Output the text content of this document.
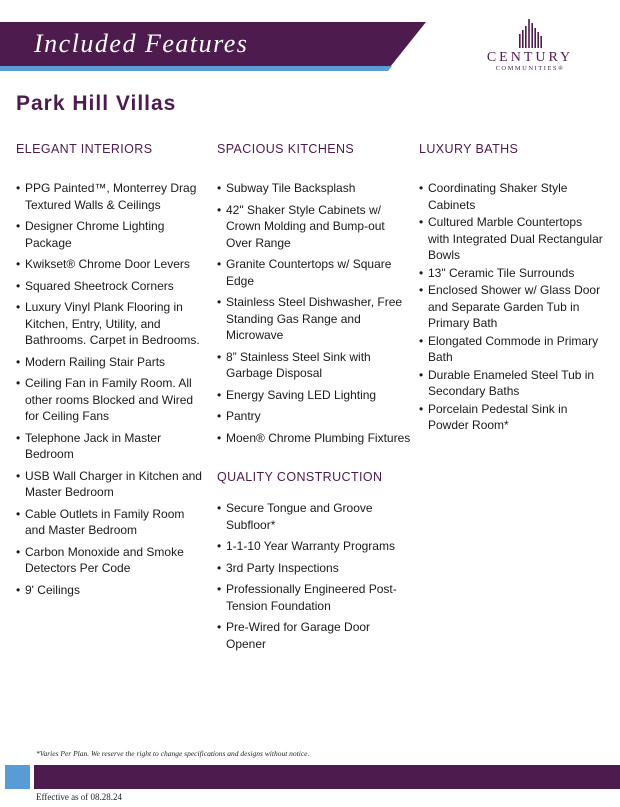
Included Features	CENTURY
COMMUNITIES®
Park Hill Villas
ELEGANT INTERIORS
• PPG Painted™, Monterrey Drag Textured Walls & Ceilings
• Designer Chrome Lighting Package
• Kwikset® Chrome Door Levers
• Squared Sheetrock Corners
• Luxury Vinyl Plank Flooring in Kitchen, Entry, Utility, and Bathrooms. Carpet in Bedrooms.
• Modern Railing Stair Parts
• Ceiling Fan in Family Room. All other rooms Blocked and Wired for Ceiling Fans
• Telephone Jack in Master Bedroom
• USB Wall Charger in Kitchen and Master Bedroom
• Cable Outlets in Family Room and Master Bedroom
• Carbon Monoxide and Smoke Detectors Per Code
• 9' Ceilings
SPACIOUS KITCHENS
• Subway Tile Backsplash
• 42" Shaker Style Cabinets w/ Crown Molding and Bump-out Over Range
• Granite Countertops w/ Square Edge
• Stainless Steel Dishwasher, Free Standing Gas Range and Microwave
• 8” Stainless Steel Sink with Garbage Disposal
• Energy Saving LED Lighting
• Pantry
• Moen® Chrome Plumbing Fixtures
QUALITY CONSTRUCTION
• Secure Tongue and Groove Subfloor*
• 1-1-10 Year Warranty Programs
• 3rd Party Inspections
• Professionally Engineered Post-Tension Foundation
• Pre-Wired for Garage Door Opener
LUXURY BATHS
• Coordinating Shaker Style Cabinets
• Cultured Marble Countertops with Integrated Dual Rectangular Bowls
• 13" Ceramic Tile Surrounds
• Enclosed Shower w/ Glass Door and Separate Garden Tub in Primary Bath
• Elongated Commode in Primary Bath
• Durable Enameled Steel Tub in Secondary Baths
• Porcelain Pedestal Sink in Powder Room*

*Varies Per Plan. We reserve the right to change specifications and designs without notice.

Effective as of 08.28.24
